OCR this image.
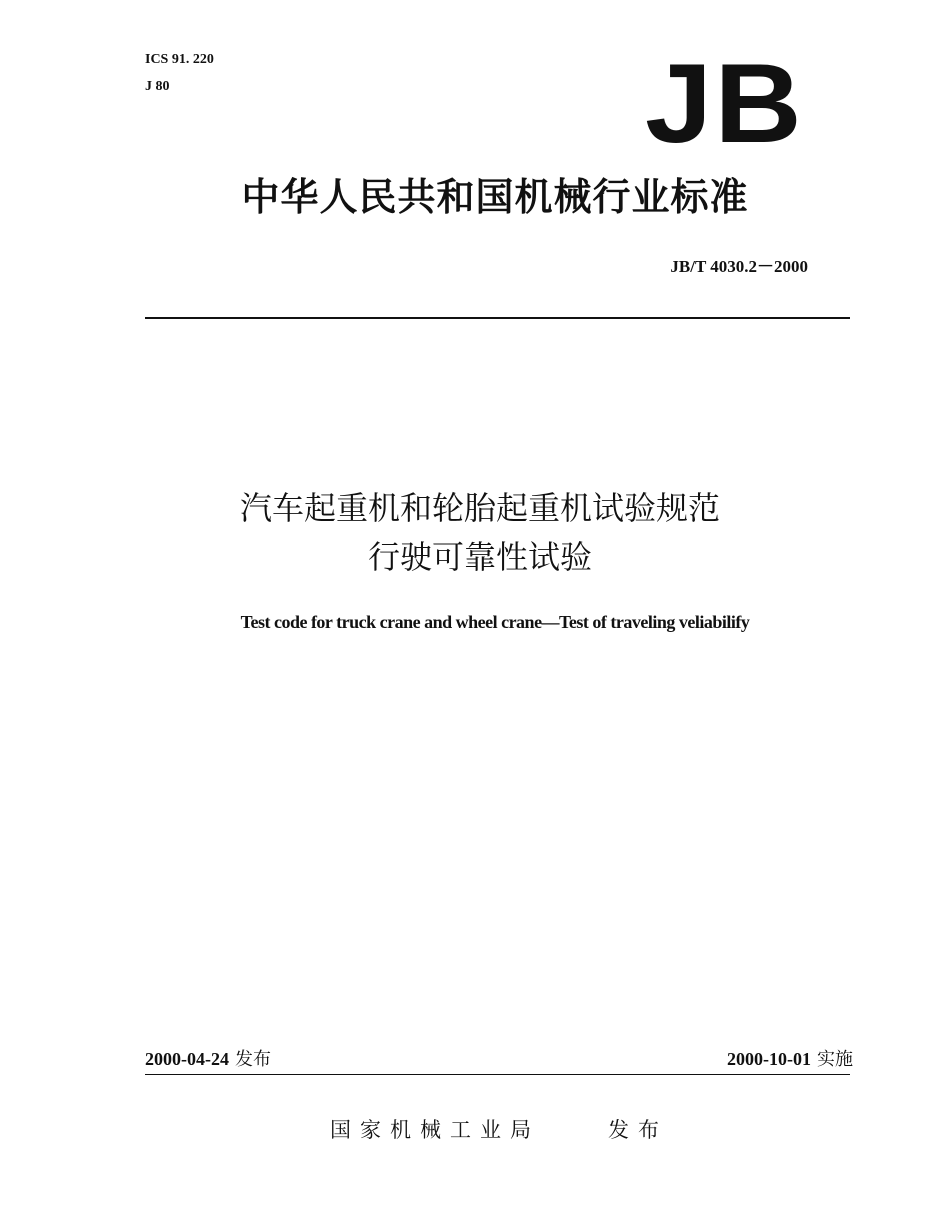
ICS 91. 220
J 80	JB
中华人民共和国机械行业标准
JB/T 4030.2－2000
汽车起重机和轮胎起重机试验规范
行驶可靠性试验
Test code for truck crane and wheel crane—Test of traveling veliabilify
2000-04-24 发布	2000-10-01 实施
国家机械工业局	发布
